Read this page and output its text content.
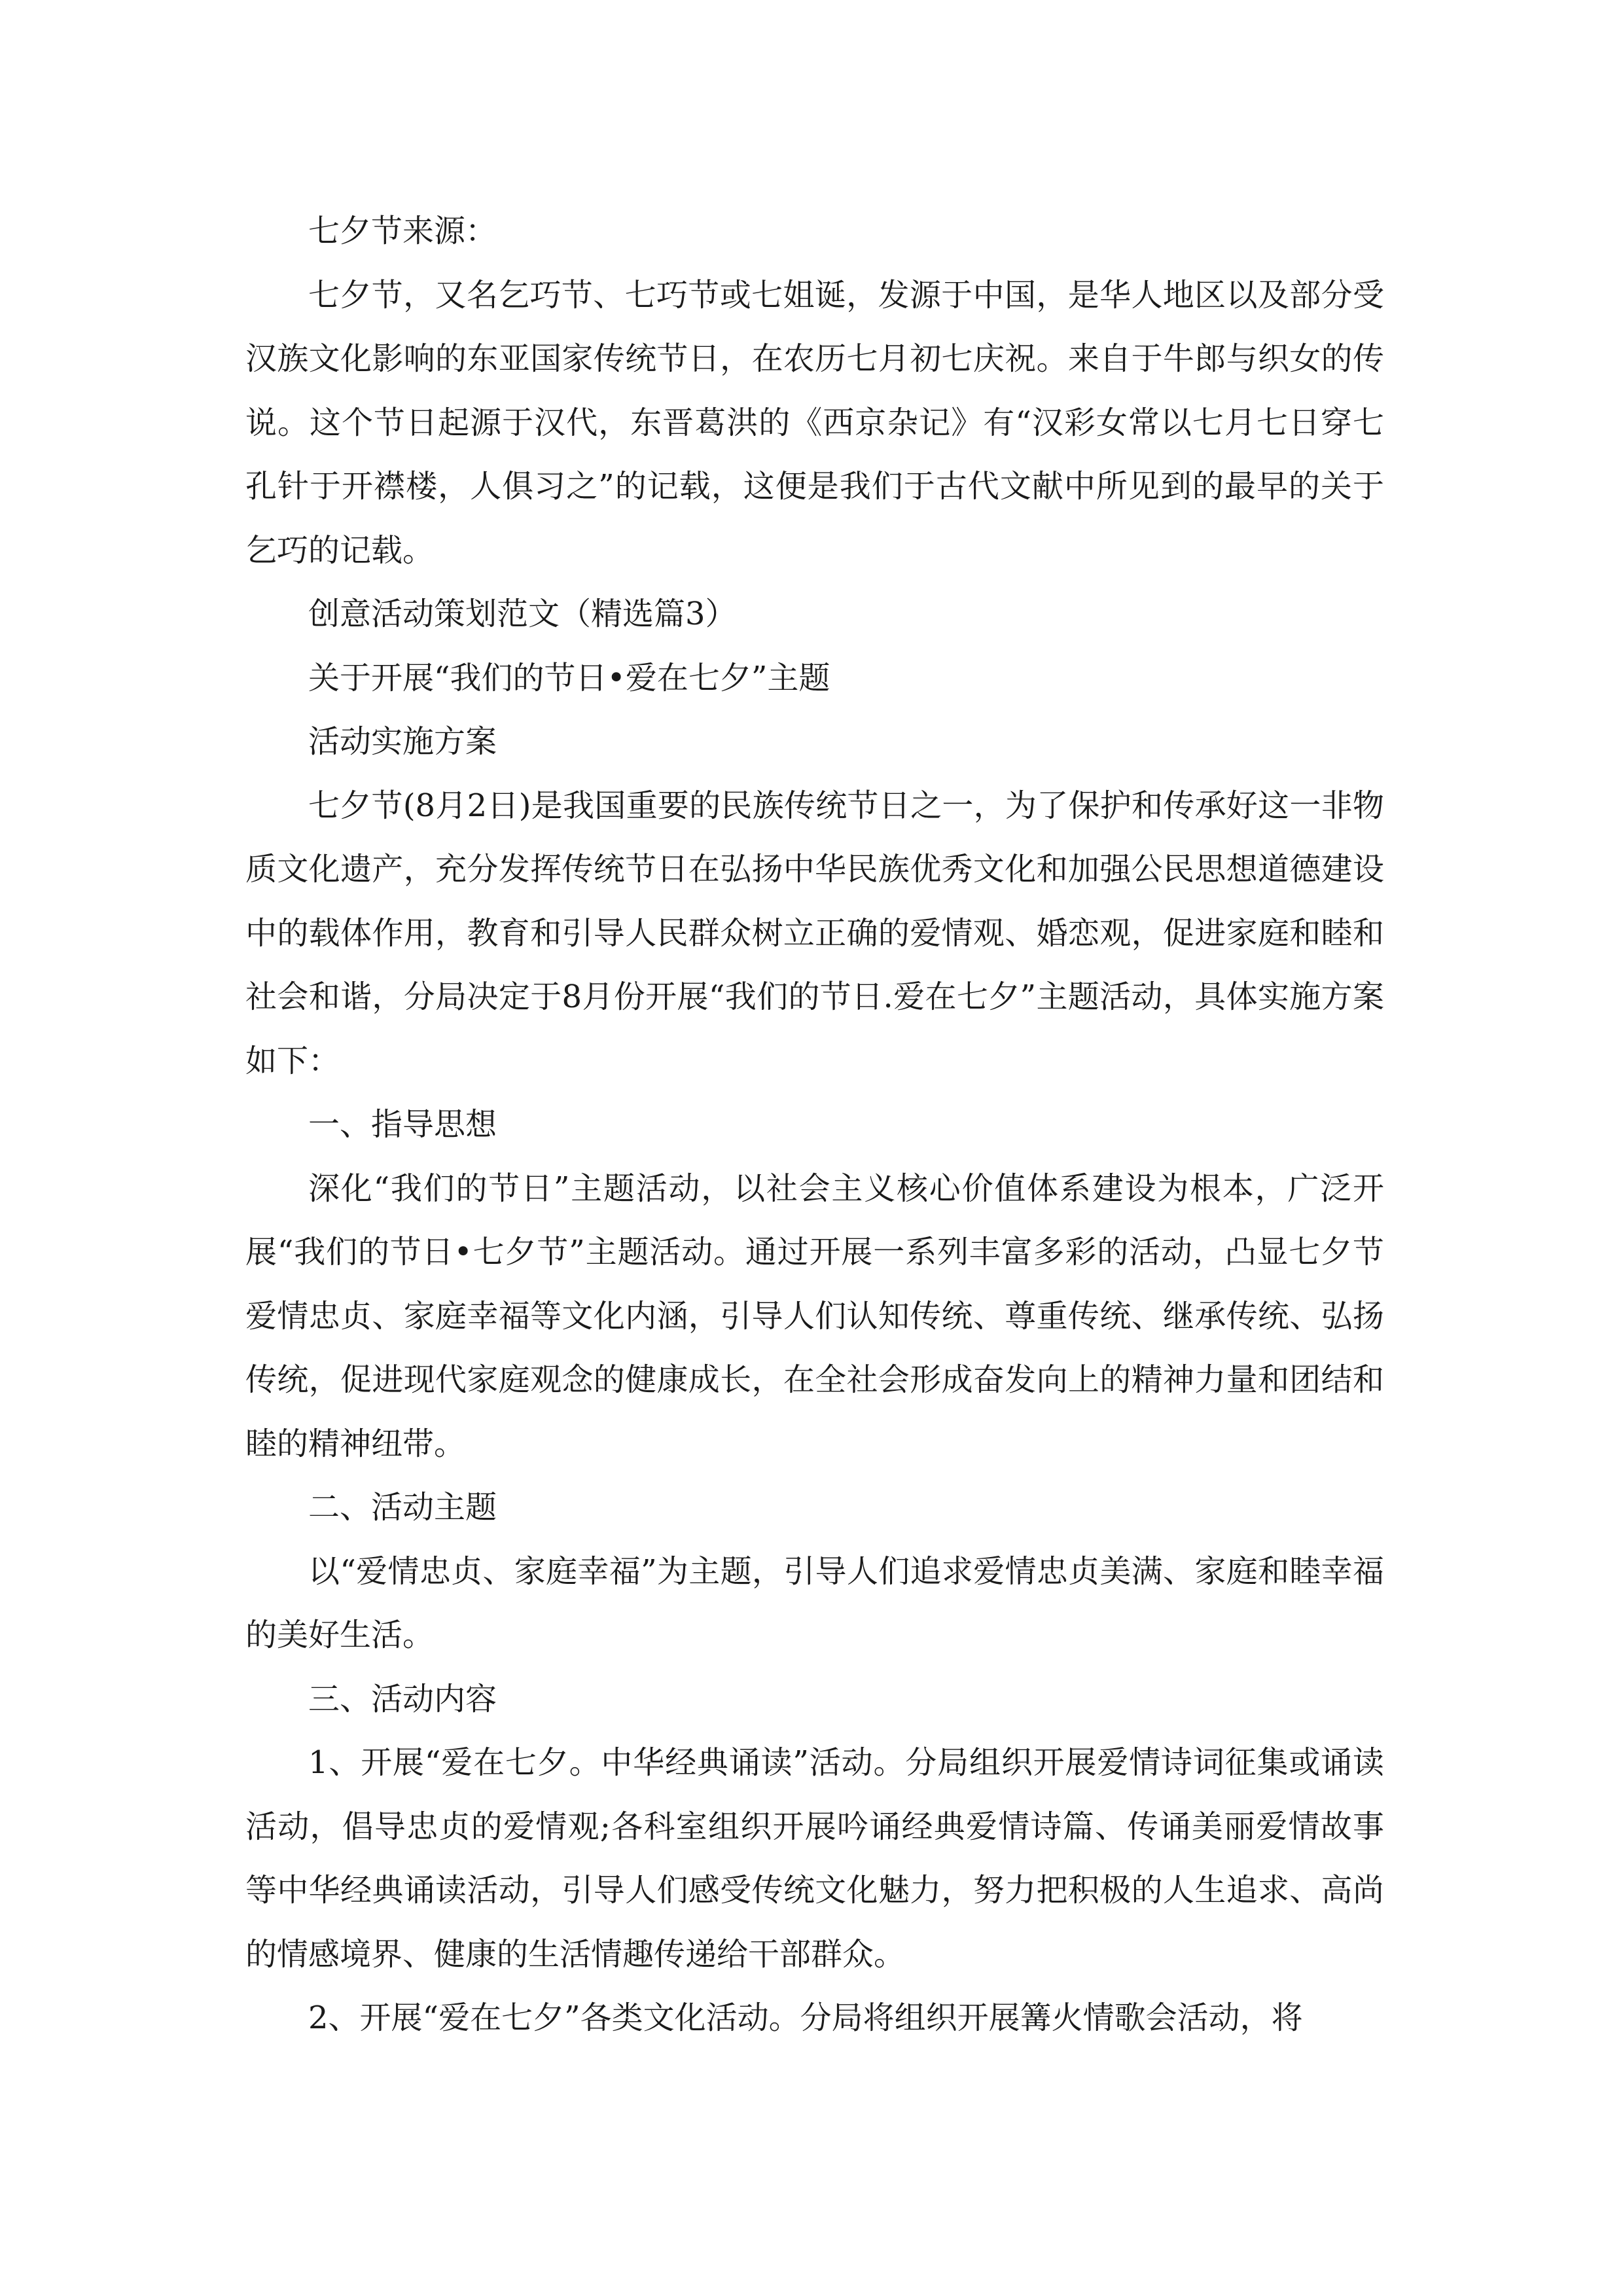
七夕节来源：

七夕节，又名乞巧节、七巧节或七姐诞，发源于中国，是华人地区以及部分受汉族文化影响的东亚国家传统节日，在农历七月初七庆祝。来自于牛郎与织女的传说。这个节日起源于汉代，东晋葛洪的《西京杂记》有“汉彩女常以七月七日穿七孔针于开襟楼，人俱习之”的记载，这便是我们于古代文献中所见到的最早的关于乞巧的记载。

创意活动策划范文（精选篇3）

关于开展“我们的节日•爱在七夕”主题

活动实施方案

七夕节(8月2日)是我国重要的民族传统节日之一，为了保护和传承好这一非物质文化遗产，充分发挥传统节日在弘扬中华民族优秀文化和加强公民思想道德建设中的载体作用，教育和引导人民群众树立正确的爱情观、婚恋观，促进家庭和睦和社会和谐，分局决定于8月份开展“我们的节日.爱在七夕”主题活动，具体实施方案如下：

一、指导思想

深化“我们的节日”主题活动，以社会主义核心价值体系建设为根本，广泛开展“我们的节日•七夕节”主题活动。通过开展一系列丰富多彩的活动，凸显七夕节爱情忠贞、家庭幸福等文化内涵，引导人们认知传统、尊重传统、继承传统、弘扬传统，促进现代家庭观念的健康成长，在全社会形成奋发向上的精神力量和团结和睦的精神纽带。

二、活动主题

以“爱情忠贞、家庭幸福”为主题，引导人们追求爱情忠贞美满、家庭和睦幸福的美好生活。

三、活动内容

1、开展“爱在七夕。中华经典诵读”活动。分局组织开展爱情诗词征集或诵读活动，倡导忠贞的爱情观;各科室组织开展吟诵经典爱情诗篇、传诵美丽爱情故事等中华经典诵读活动，引导人们感受传统文化魅力，努力把积极的人生追求、高尚的情感境界、健康的生活情趣传递给干部群众。

2、开展“爱在七夕”各类文化活动。分局将组织开展篝火情歌会活动，将
